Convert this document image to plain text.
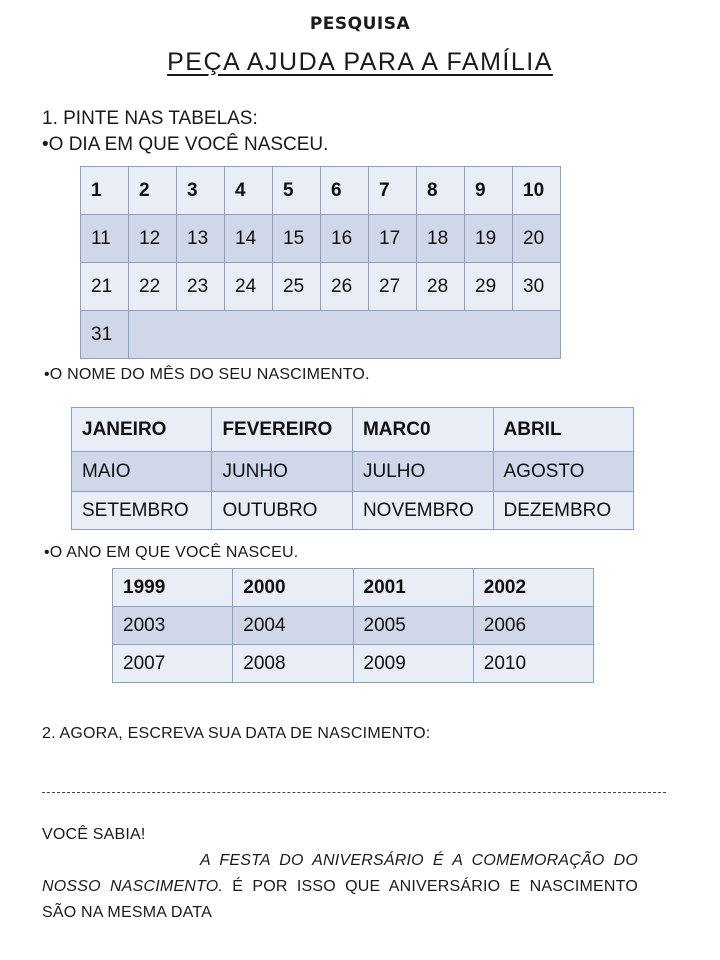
PESQUISA
PEÇA AJUDA PARA A FAMÍLIA
1. PINTE NAS TABELAS:
•O DIA EM QUE VOCÊ NASCEU.
1	2	3	4	5	6	7	8	9	10
11	12	13	14	15	16	17	18	19	20
21	22	23	24	25	26	27	28	29	30
31									
•O NOME DO MÊS DO SEU NASCIMENTO.
JANEIRO	FEVEREIRO	MARC0	ABRIL
MAIO	JUNHO	JULHO	AGOSTO
SETEMBRO	OUTUBRO	NOVEMBRO	DEZEMBRO
•O ANO EM QUE VOCÊ NASCEU.
1999	2000	2001	2002
2003	2004	2005	2006
2007	2008	2009	2010
2. AGORA, ESCREVA SUA DATA DE NASCIMENTO:
VOCÊ SABIA!
A FESTA DO ANIVERSÁRIO É A COMEMORAÇÃO DO NOSSO NASCIMENTO. É POR ISSO QUE ANIVERSÁRIO E NASCIMENTO SÃO NA MESMA DATA
